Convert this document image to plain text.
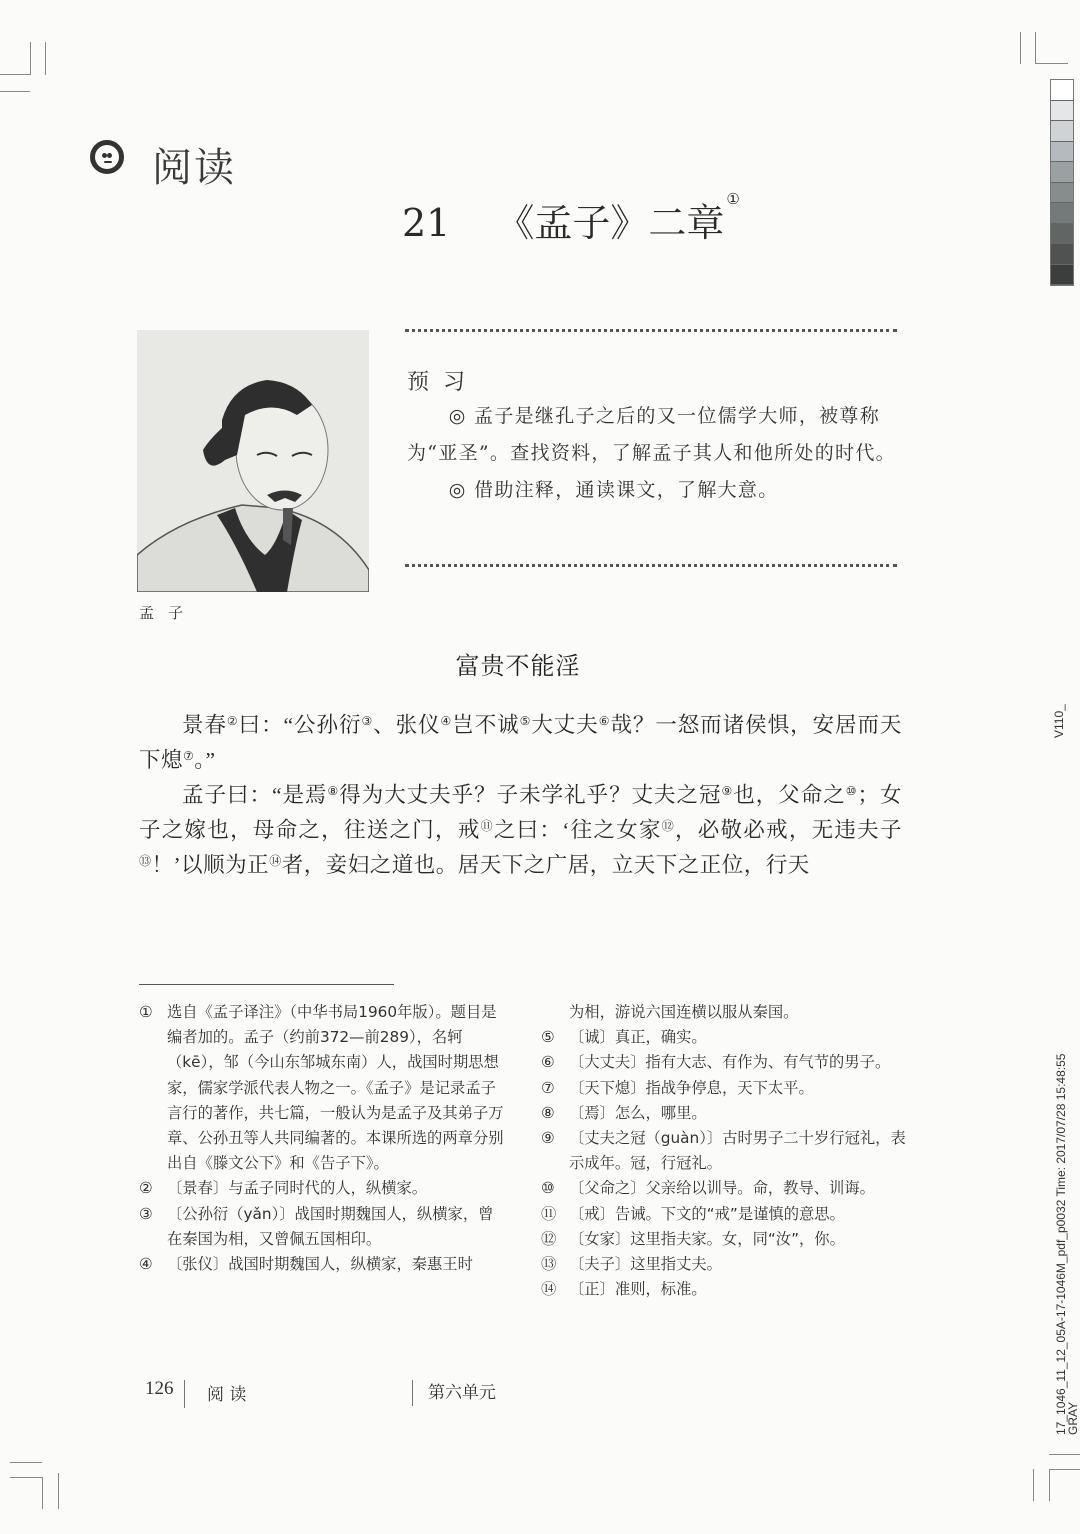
阅读
21 《孟子》二章①
孟子
预习

◎ 孟子是继孔子之后的又一位儒学大师，被尊称为“亚圣”。查找资料，了解孟子其人和他所处的时代。

◎ 借助注释，通读课文，了解大意。

富贵不能淫

景春②曰：“公孙衍③、张仪④岂不诚⑤大丈夫⑥哉？一怒而诸侯惧，安居而天下熄⑦。”

孟子曰：“是焉⑧得为大丈夫乎？子未学礼乎？丈夫之冠⑨也，父命之⑩；女子之嫁也，母命之，往送之门，戒⑪之曰：‘往之女家⑫，必敬必戒，无违夫子⑬！’以顺为正⑭者，妾妇之道也。居天下之广居，立天下之正位，行天

① 选自《孟子译注》（中华书局1960年版）。题目是编者加的。孟子（约前372—前289），名轲（kē），邹（今山东邹城东南）人，战国时期思想家，儒家学派代表人物之一。《孟子》是记录孟子言行的著作，共七篇，一般认为是孟子及其弟子万章、公孙丑等人共同编著的。本课所选的两章分别出自《滕文公下》和《告子下》。
② 〔景春〕与孟子同时代的人，纵横家。
③ 〔公孙衍（yǎn）〕战国时期魏国人，纵横家，曾在秦国为相，又曾佩五国相印。
④ 〔张仪〕战国时期魏国人，纵横家，秦惠王时
为相，游说六国连横以服从秦国。
⑤ 〔诚〕真正，确实。
⑥ 〔大丈夫〕指有大志、有作为、有气节的男子。
⑦ 〔天下熄〕指战争停息，天下太平。
⑧ 〔焉〕怎么，哪里。
⑨ 〔丈夫之冠（guàn）〕古时男子二十岁行冠礼，表示成年。冠，行冠礼。
⑩ 〔父命之〕父亲给以训导。命，教导、训诲。
⑪ 〔戒〕告诫。下文的“戒”是谨慎的意思。
⑫ 〔女家〕这里指夫家。女，同“汝”，你。
⑬ 〔夫子〕这里指丈夫。
⑭ 〔正〕准则，标准。
126 阅 读	第六单元
V110_
17_1046_11_12_05A-17-1046M_pdf_p0032 Time: 2017/07/28 15:48:55
GRAY
